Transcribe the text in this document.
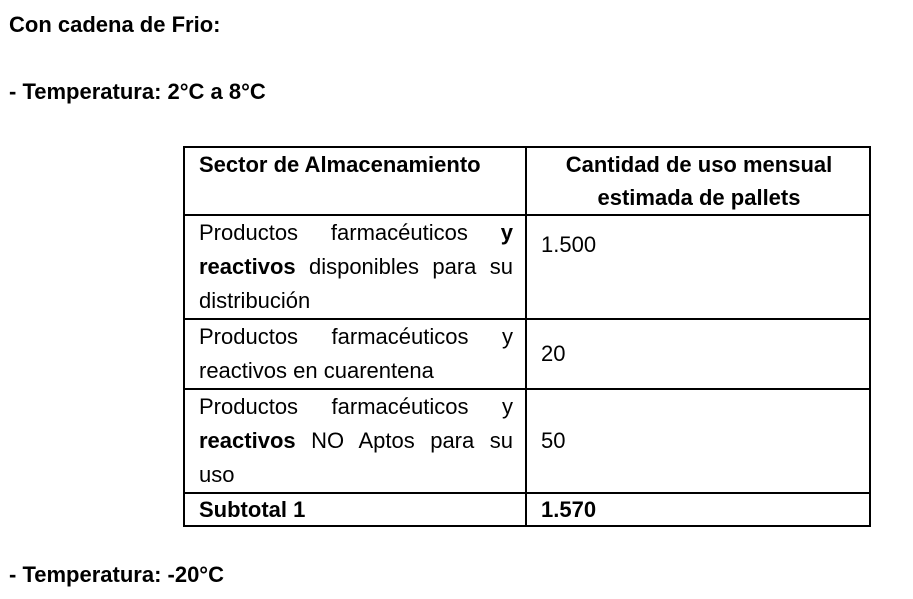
Con cadena de Frio:

- Temperatura: 2°C a 8°C

Sector de Almacenamiento	Cantidad de uso mensual estimada de pallets
Productos farmacéuticos y reactivos disponibles para su distribución	1.500
Productos farmacéuticos y reactivos en cuarentena	20
Productos farmacéuticos y reactivos NO Aptos para su uso	50
Subtotal 1	1.570

- Temperatura: -20°C
